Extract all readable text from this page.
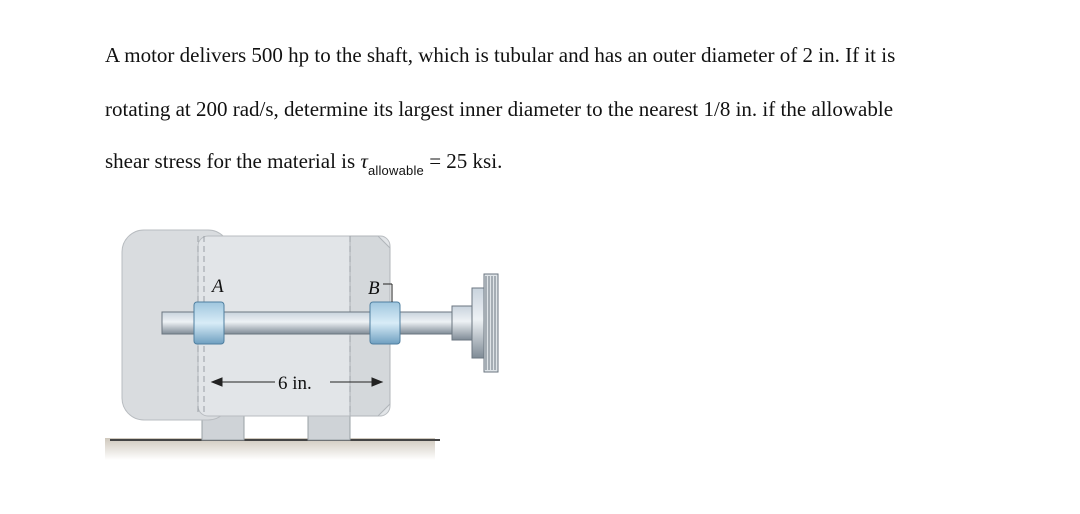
A motor delivers 500 hp to the shaft, which is tubular and has an outer diameter of 2 in. If it is
rotating at 200 rad/s, determine its largest inner diameter to the nearest 1/8 in. if the allowable
shear stress for the material is $\tau_{allowable} = 25$ ksi.
A	B
6 in.
